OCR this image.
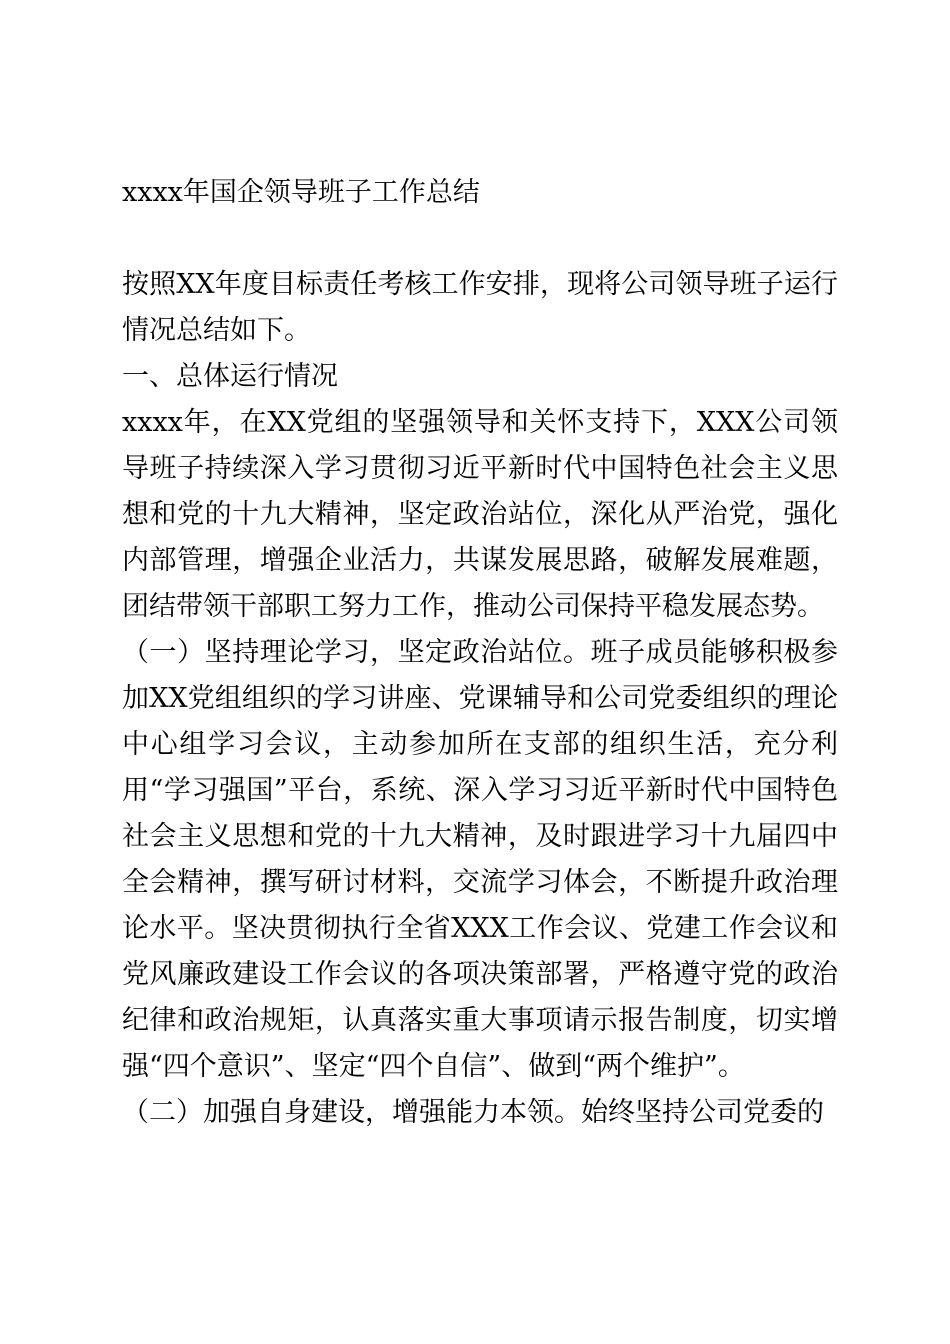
xxxx年国企领导班子工作总结

按照XX年度目标责任考核工作安排，现将公司领导班子运行情况总结如下。

一、总体运行情况

xxxx年，在XX党组的坚强领导和关怀支持下，XXX公司领导班子持续深入学习贯彻习近平新时代中国特色社会主义思想和党的十九大精神，坚定政治站位，深化从严治党，强化内部管理，增强企业活力，共谋发展思路，破解发展难题，团结带领干部职工努力工作，推动公司保持平稳发展态势。

（一）坚持理论学习，坚定政治站位。班子成员能够积极参加XX党组组织的学习讲座、党课辅导和公司党委组织的理论中心组学习会议，主动参加所在支部的组织生活，充分利用“学习强国”平台，系统、深入学习习近平新时代中国特色社会主义思想和党的十九大精神，及时跟进学习十九届四中全会精神，撰写研讨材料，交流学习体会，不断提升政治理论水平。坚决贯彻执行全省XXX工作会议、党建工作会议和党风廉政建设工作会议的各项决策部署，严格遵守党的政治纪律和政治规矩，认真落实重大事项请示报告制度，切实增强“四个意识”、坚定“四个自信”、做到“两个维护”。

（二）加强自身建设，增强能力本领。始终坚持公司党委的
